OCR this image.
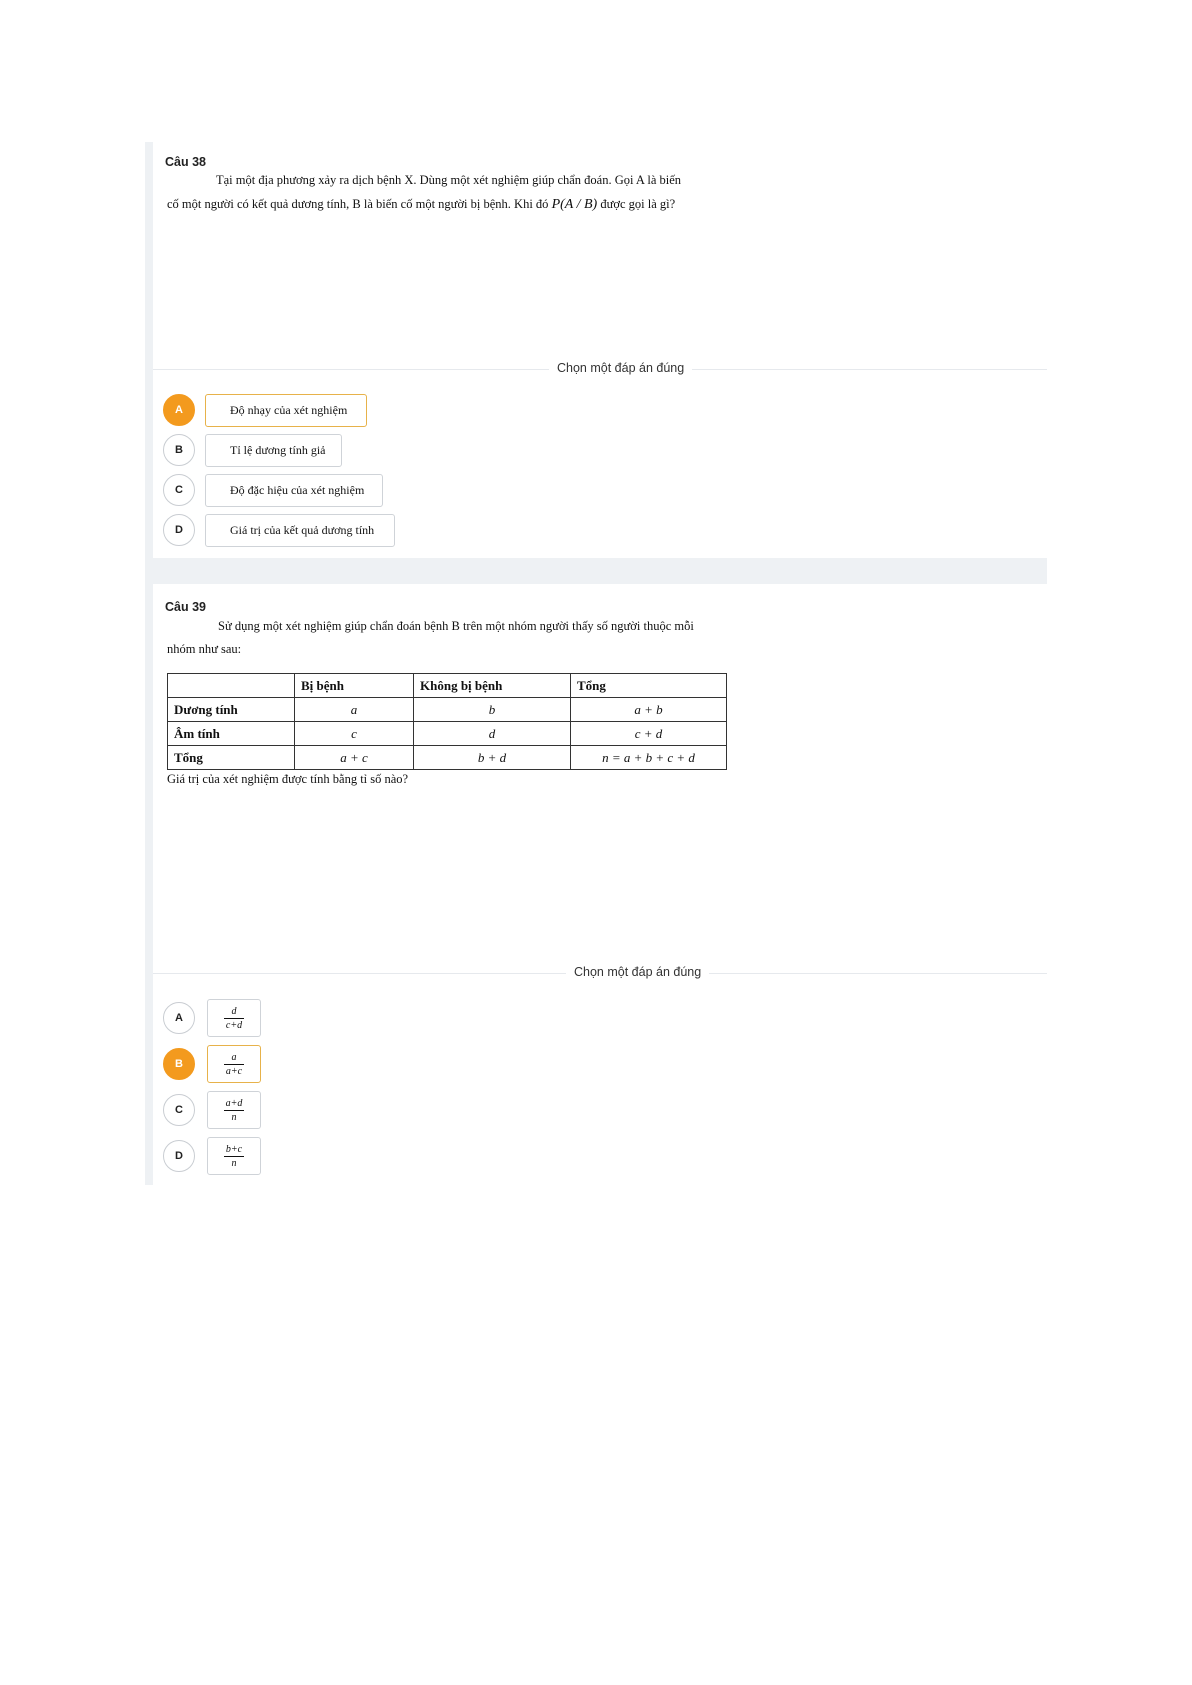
Câu 38
Tại một địa phương xảy ra dịch bệnh X. Dùng một xét nghiệm giúp chẩn đoán. Gọi A là biến
cố một người có kết quả dương tính, B là biến cố một người bị bệnh. Khi đó P(A / B) được gọi là gì?
Chọn một đáp án đúng
A	Độ nhạy của xét nghiệm
B	Tỉ lệ dương tính giả
C	Độ đặc hiệu của xét nghiệm
D	Giá trị của kết quả dương tính
Câu 39
Sử dụng một xét nghiệm giúp chẩn đoán bệnh B trên một nhóm người thấy số người thuộc mỗi
nhóm như sau:
	Bị bệnh	Không bị bệnh	Tổng
Dương tính	a	b	a + b
Âm tính	c	d	c + d
Tổng	a + c	b + d	n = a + b + c + d
Giá trị của xét nghiệm được tính bằng tỉ số nào?
Chọn một đáp án đúng
A	$\frac{d}{c+d}$
B	$\frac{a}{a+c}$
C	$\frac{a+d}{n}$
D	$\frac{b+c}{n}$
